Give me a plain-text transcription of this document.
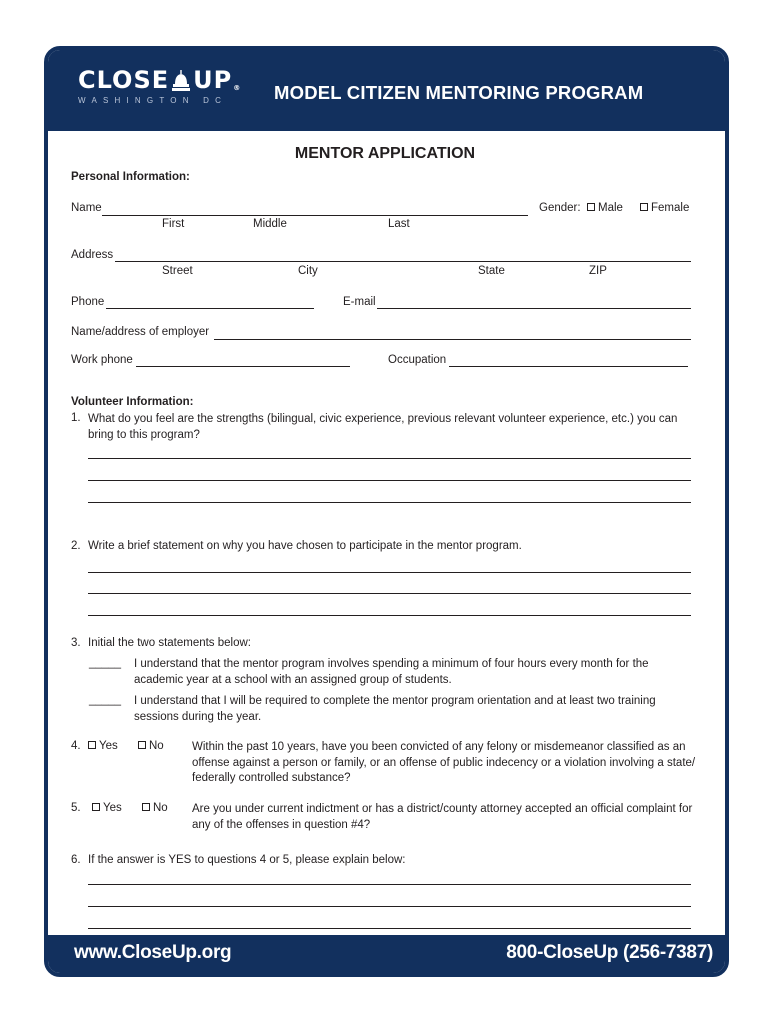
CLOSE UP ®
WASHINGTON DC	MODEL CITIZEN MENTORING PROGRAM
www.CloseUp.org	800-CloseUp (256-7387)
MENTOR APPLICATION
Personal Information:
Name
First	Middle	Last
Gender:	Male	Female
Address
Street	City	State	ZIP
Phone	E-mail
Name/address of employer
Work phone	Occupation
Volunteer Information:
1. What do you feel are the strengths (bilingual, civic experience, previous relevant volunteer experience, etc.) you can bring to this program?
2. Write a brief statement on why you have chosen to participate in the mentor program.
3. Initial the two statements below:
_____ I understand that the mentor program involves spending a minimum of four hours every month for the academic year at a school with an assigned group of students.
_____ I understand that I will be required to complete the mentor program orientation and at least two training sessions during the year.
4.	Yes	No Within the past 10 years, have you been convicted of any felony or misdemeanor classified as an offense against a person or family, or an offense of public indecency or a violation involving a state/ federally controlled substance?
5.	Yes	No Are you under current indictment or has a district/county attorney accepted an official complaint for any of the offenses in question #4?
6. If the answer is YES to questions 4 or 5, please explain below:
